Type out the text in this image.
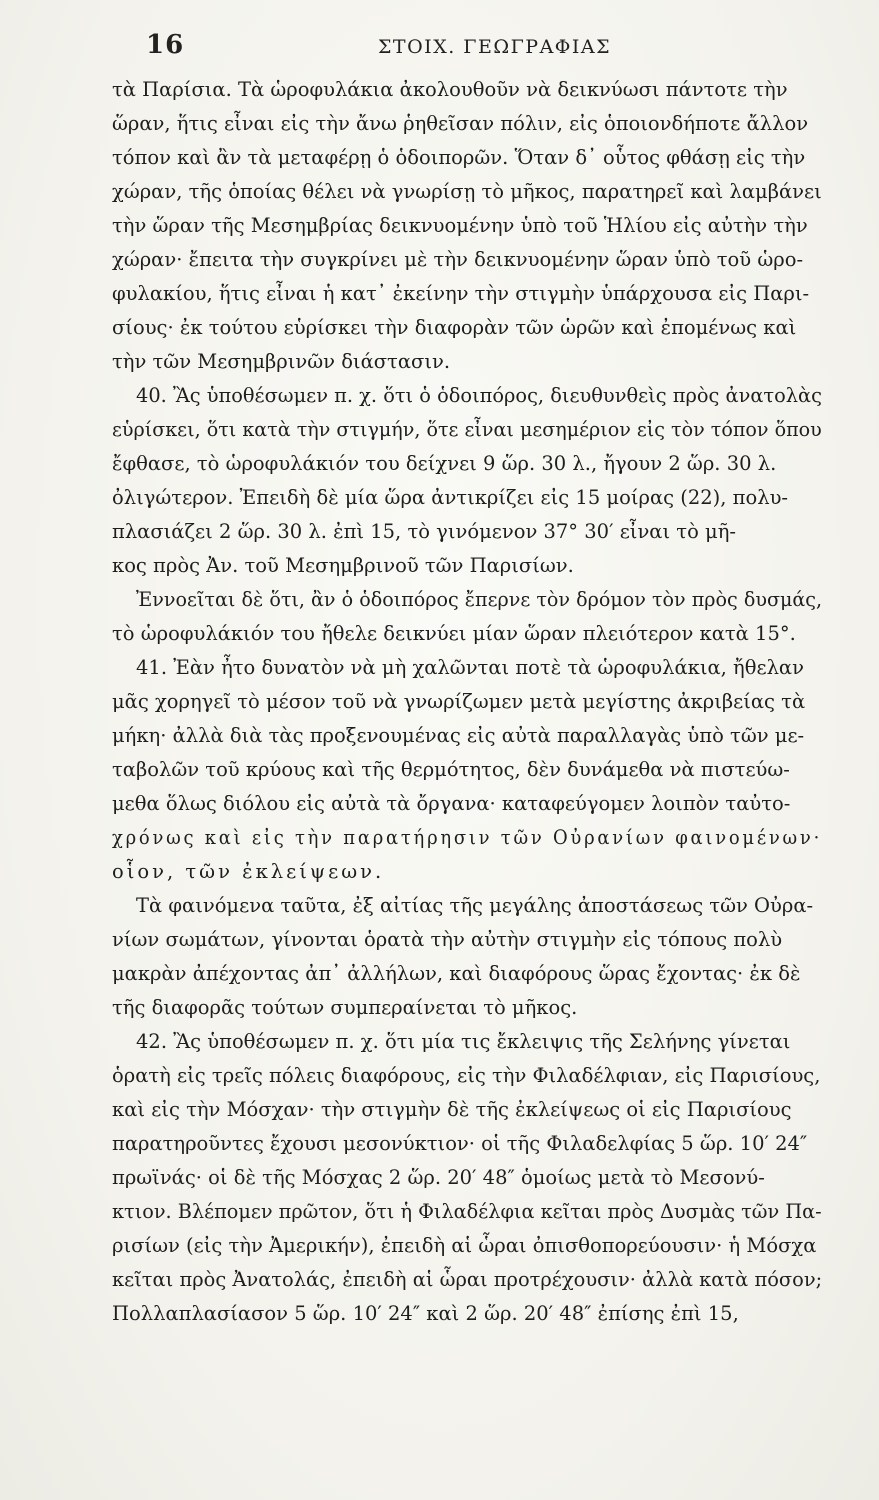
16	ΣΤΟΙΧ. ΓΕΩΓΡΑΦΙΑΣ
τὰ Παρίσια. Τὰ ὡροφυλάκια ἀκολουθοῦν νὰ δεικνύωσι πάντοτε τὴν
ὥραν, ἥτις εἶναι εἰς τὴν ἄνω ῥηθεῖσαν πόλιν, εἰς ὁποιονδήποτε ἄλλον
τόπον καὶ ἂν τὰ μεταφέρῃ ὁ ὁδοιπορῶν. Ὅταν δ᾽ οὗτος φθάσῃ εἰς τὴν
χώραν, τῆς ὁποίας θέλει νὰ γνωρίσῃ τὸ μῆκος, παρατηρεῖ καὶ λαμβάνει
τὴν ὥραν τῆς Μεσημβρίας δεικνυομένην ὑπὸ τοῦ Ἡλίου εἰς αὐτὴν τὴν
χώραν· ἔπειτα τὴν συγκρίνει μὲ τὴν δεικνυομένην ὥραν ὑπὸ τοῦ ὡρο-
φυλακίου, ἥτις εἶναι ἡ κατ᾽ ἐκείνην τὴν στιγμὴν ὑπάρχουσα εἰς Παρι-
σίους· ἐκ τούτου εὑρίσκει τὴν διαφορὰν τῶν ὡρῶν καὶ ἐπομένως καὶ
τὴν τῶν Μεσημβρινῶν διάστασιν.
40. Ἂς ὑποθέσωμεν π. χ. ὅτι ὁ ὁδοιπόρος, διευθυνθεὶς πρὸς ἀνατολὰς
εὑρίσκει, ὅτι κατὰ τὴν στιγμήν, ὅτε εἶναι μεσημέριον εἰς τὸν τόπον ὅπου
ἔφθασε, τὸ ὡροφυλάκιόν του δείχνει 9 ὥρ. 30 λ., ἤγουν 2 ὥρ. 30 λ.
ὀλιγώτερον. Ἐπειδὴ δὲ μία ὥρα ἀντικρίζει εἰς 15 μοίρας (22), πολυ-
πλασιάζει 2 ὥρ. 30 λ. ἐπὶ 15, τὸ γινόμενον 37° 30′ εἶναι τὸ μῆ-
κος πρὸς Ἀν. τοῦ Μεσημβρινοῦ τῶν Παρισίων.
Ἐννοεῖται δὲ ὅτι, ἂν ὁ ὁδοιπόρος ἔπερνε τὸν δρόμον τὸν πρὸς δυσμάς,
τὸ ὡροφυλάκιόν του ἤθελε δεικνύει μίαν ὥραν πλειότερον κατὰ 15°.
41. Ἐὰν ἦτο δυνατὸν νὰ μὴ χαλῶνται ποτὲ τὰ ὡροφυλάκια, ἤθελαν
μᾶς χορηγεῖ τὸ μέσον τοῦ νὰ γνωρίζωμεν μετὰ μεγίστης ἀκριβείας τὰ
μήκη· ἀλλὰ διὰ τὰς προξενουμένας εἰς αὐτὰ παραλλαγὰς ὑπὸ τῶν με-
ταβολῶν τοῦ κρύους καὶ τῆς θερμότητος, δὲν δυνάμεθα νὰ πιστεύω-
μεθα ὅλως διόλου εἰς αὐτὰ τὰ ὄργανα· καταφεύγομεν λοιπὸν ταὐτο-
χρόνως καὶ εἰς τὴν παρατήρησιν τῶν Οὐρανίων φαινομένων·
οἷον, τῶν ἐκλείψεων.
Τὰ φαινόμενα ταῦτα, ἐξ αἰτίας τῆς μεγάλης ἀποστάσεως τῶν Οὐρα-
νίων σωμάτων, γίνονται ὁρατὰ τὴν αὐτὴν στιγμὴν εἰς τόπους πολὺ
μακρὰν ἀπέχοντας ἀπ᾽ ἀλλήλων, καὶ διαφόρους ὥρας ἔχοντας· ἐκ δὲ
τῆς διαφορᾶς τούτων συμπεραίνεται τὸ μῆκος.
42. Ἂς ὑποθέσωμεν π. χ. ὅτι μία τις ἔκλειψις τῆς Σελήνης γίνεται
ὁρατὴ εἰς τρεῖς πόλεις διαφόρους, εἰς τὴν Φιλαδέλφιαν, εἰς Παρισίους,
καὶ εἰς τὴν Μόσχαν· τὴν στιγμὴν δὲ τῆς ἐκλείψεως οἱ εἰς Παρισίους
παρατηροῦντες ἔχουσι μεσονύκτιον· οἱ τῆς Φιλαδελφίας 5 ὥρ. 10′ 24″
πρωϊνάς· οἱ δὲ τῆς Μόσχας 2 ὥρ. 20′ 48″ ὁμοίως μετὰ τὸ Μεσονύ-
κτιον. Βλέπομεν πρῶτον, ὅτι ἡ Φιλαδέλφια κεῖται πρὸς Δυσμὰς τῶν Πα-
ρισίων (εἰς τὴν Ἀμερικήν), ἐπειδὴ αἱ ὧραι ὀπισθοπορεύουσιν· ἡ Μόσχα
κεῖται πρὸς Ἀνατολάς, ἐπειδὴ αἱ ὧραι προτρέχουσιν· ἀλλὰ κατὰ πόσον;
Πολλαπλασίασον 5 ὥρ. 10′ 24″ καὶ 2 ὥρ. 20′ 48″ ἐπίσης ἐπὶ 15,
